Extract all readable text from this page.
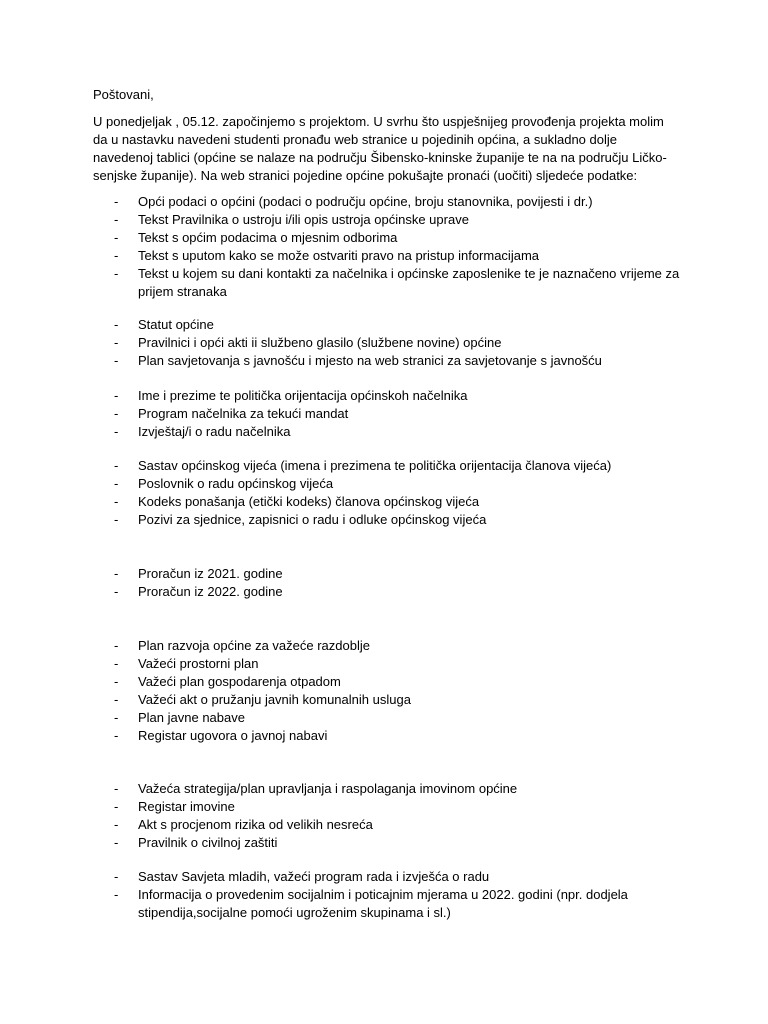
Poštovani,
U ponedjeljak , 05.12. započinjemo s projektom. U svrhu što uspješnijeg provođenja projekta molim
da u nastavku navedeni studenti pronađu web stranice u pojedinih općina, a sukladno dolje
navedenoj tablici (općine se nalaze na području Šibensko-kninske županije te na na području Ličko-
senjske županije). Na web stranici pojedine općine pokušajte pronaći (uočiti) sljedeće podatke:
- Opći podaci o općini (podaci o području općine, broju stanovnika, povijesti i dr.)
- Tekst Pravilnika o ustroju i/ili opis ustroja općinske uprave
- Tekst s općim podacima o mjesnim odborima
- Tekst s uputom kako se može ostvariti pravo na pristup informacijama
- Tekst u kojem su dani kontakti za načelnika i općinske zaposlenike te je naznačeno vrijeme za
prijem stranaka
- Statut općine
- Pravilnici i opći akti ii službeno glasilo (službene novine) općine
- Plan savjetovanja s javnošću i mjesto na web stranici za savjetovanje s javnošću
- Ime i prezime te politička orijentacija općinskoh načelnika
- Program načelnika za tekući mandat
- Izvještaj/i o radu načelnika
- Sastav općinskog vijeća (imena i prezimena te politička orijentacija članova vijeća)
- Poslovnik o radu općinskog vijeća
- Kodeks ponašanja (etički kodeks) članova općinskog vijeća
- Pozivi za sjednice, zapisnici o radu i odluke općinskog vijeća
- Proračun iz 2021. godine
- Proračun iz 2022. godine
- Plan razvoja općine za važeće razdoblje
- Važeći prostorni plan
- Važeći plan gospodarenja otpadom
- Važeći akt o pružanju javnih komunalnih usluga
- Plan javne nabave
- Registar ugovora o javnoj nabavi
- Važeća strategija/plan upravljanja i raspolaganja imovinom općine
- Registar imovine
- Akt s procjenom rizika od velikih nesreća
- Pravilnik o civilnoj zaštiti
- Sastav Savjeta mladih, važeći program rada i izvješća o radu
- Informacija o provedenim socijalnim i poticajnim mjerama u 2022. godini (npr. dodjela
stipendija,socijalne pomoći ugroženim skupinama i sl.)
